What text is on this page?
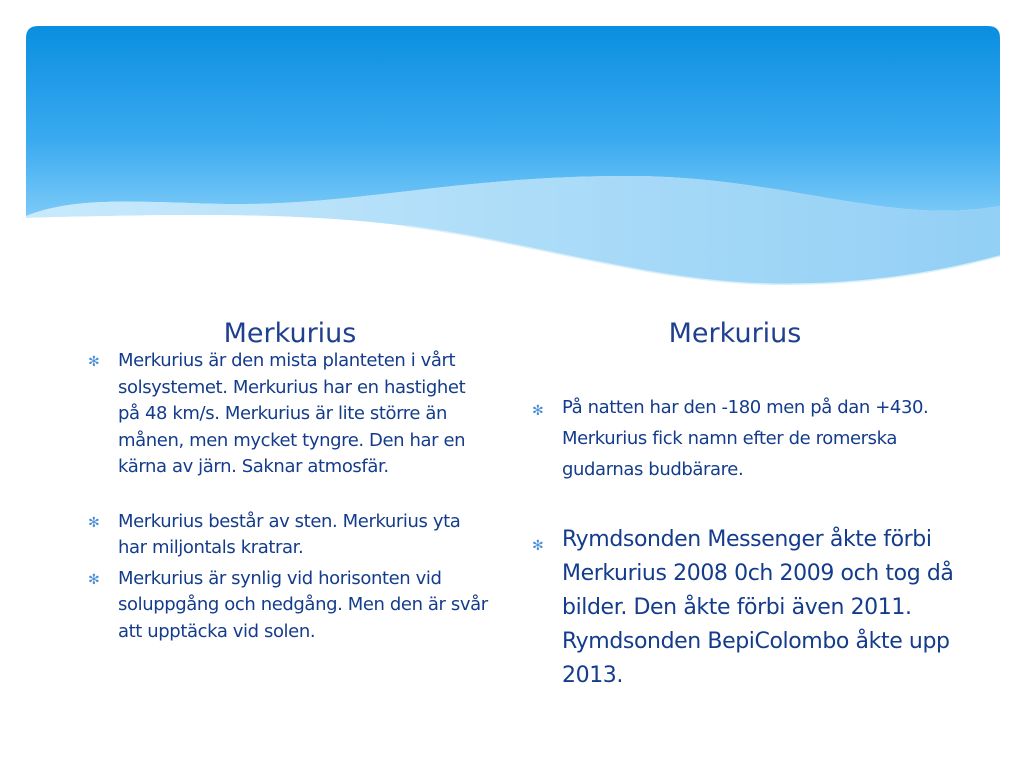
Merkurius	Merkurius
✻ Merkurius är den mista planteten i vårt solsystemet. Merkurius har en hastighet på 48 km/s. Merkurius är lite större än månen, men mycket tyngre. Den har en kärna av järn. Saknar atmosfär.
✻ Merkurius består av sten. Merkurius yta har miljontals kratrar.
✻ Merkurius är synlig vid horisonten vid soluppgång och nedgång. Men den är svår att upptäcka vid solen.
✻ På natten har den -180 men på dan +430. Merkurius fick namn efter de romerska gudarnas budbärare.
✻ Rymdsonden Messenger åkte förbi Merkurius 2008 0ch 2009 och tog då bilder. Den åkte förbi även 2011. Rymdsonden BepiColombo åkte upp 2013.
